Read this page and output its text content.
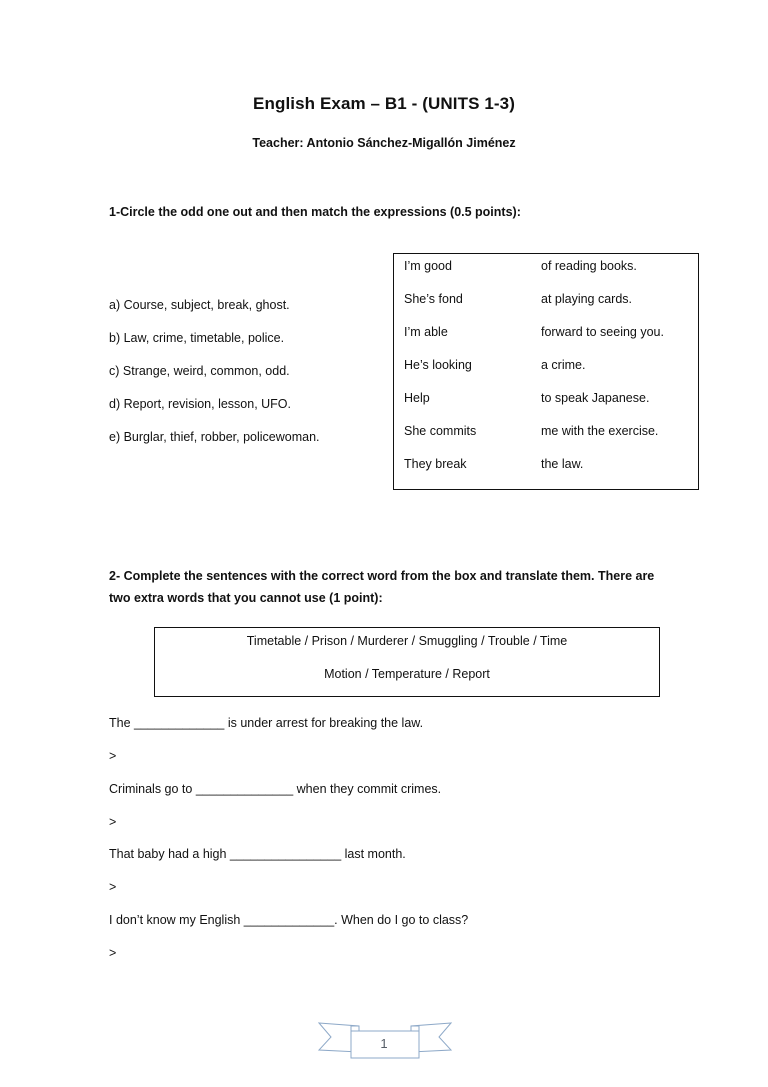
English Exam – B1 - (UNITS 1-3)
Teacher: Antonio Sánchez-Migallón Jiménez
1-Circle the odd one out and then match the expressions (0.5 points):
a) Course, subject, break, ghost.
b) Law, crime, timetable, police.
c) Strange, weird, common, odd.
d) Report, revision, lesson, UFO.
e) Burglar, thief, robber, policewoman.
I’m good
She’s fond
I’m able
He’s looking
Help
She commits
They break
of reading books.
at playing cards.
forward to seeing you.
a crime.
to speak Japanese.
me with the exercise.
the law.
2- Complete the sentences with the correct word from the box and translate them. There are two extra words that you cannot use (1 point):
Timetable / Prison / Murderer / Smuggling / Trouble / Time
Motion / Temperature / Report
The _____________ is under arrest for breaking the law.
>
Criminals go to ______________ when they commit crimes.
>
That baby had a high ________________ last month.
>
I don’t know my English _____________. When do I go to class?
>
1
